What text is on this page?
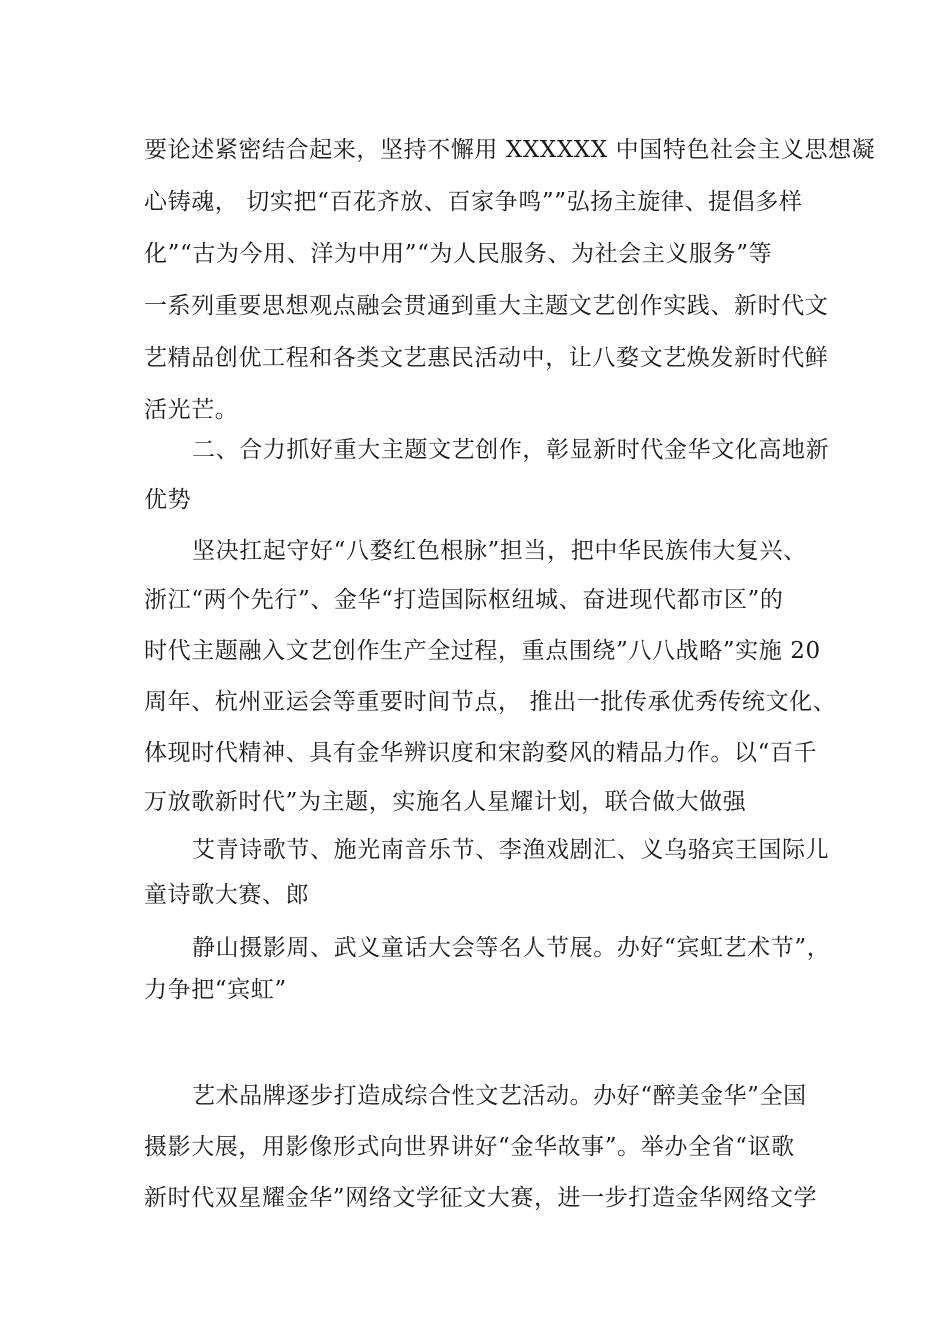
要论述紧密结合起来，坚持不懈用 XXXXXX 中国特色社会主义思想凝

心铸魂， 切实把“百花齐放、百家争鸣””弘扬主旋律、提倡多样

化”“古为今用、洋为中用”“为人民服务、为社会主义服务”等

一系列重要思想观点融会贯通到重大主题文艺创作实践、新时代文

艺精品创优工程和各类文艺惠民活动中，让八婺文艺焕发新时代鲜

活光芒。

二、合力抓好重大主题文艺创作，彰显新时代金华文化高地新

优势

坚决扛起守好“八婺红色根脉”担当，把中华民族伟大复兴、

浙江“两个先行”、金华“打造国际枢纽城、奋进现代都市区”的

时代主题融入文艺创作生产全过程，重点围绕”八八战略”实施 20

周年、杭州亚运会等重要时间节点， 推出一批传承优秀传统文化、

体现时代精神、具有金华辨识度和宋韵婺风的精品力作。以“百千

万放歌新时代”为主题，实施名人星耀计划，联合做大做强

艾青诗歌节、施光南音乐节、李渔戏剧汇、义乌骆宾王国际儿

童诗歌大赛、郎

静山摄影周、武义童话大会等名人节展。办好“宾虹艺术节”，

力争把“宾虹”

艺术品牌逐步打造成综合性文艺活动。办好“醉美金华”全国

摄影大展，用影像形式向世界讲好“金华故事”。举办全省“讴歌

新时代双星耀金华”网络文学征文大赛，进一步打造金华网络文学
